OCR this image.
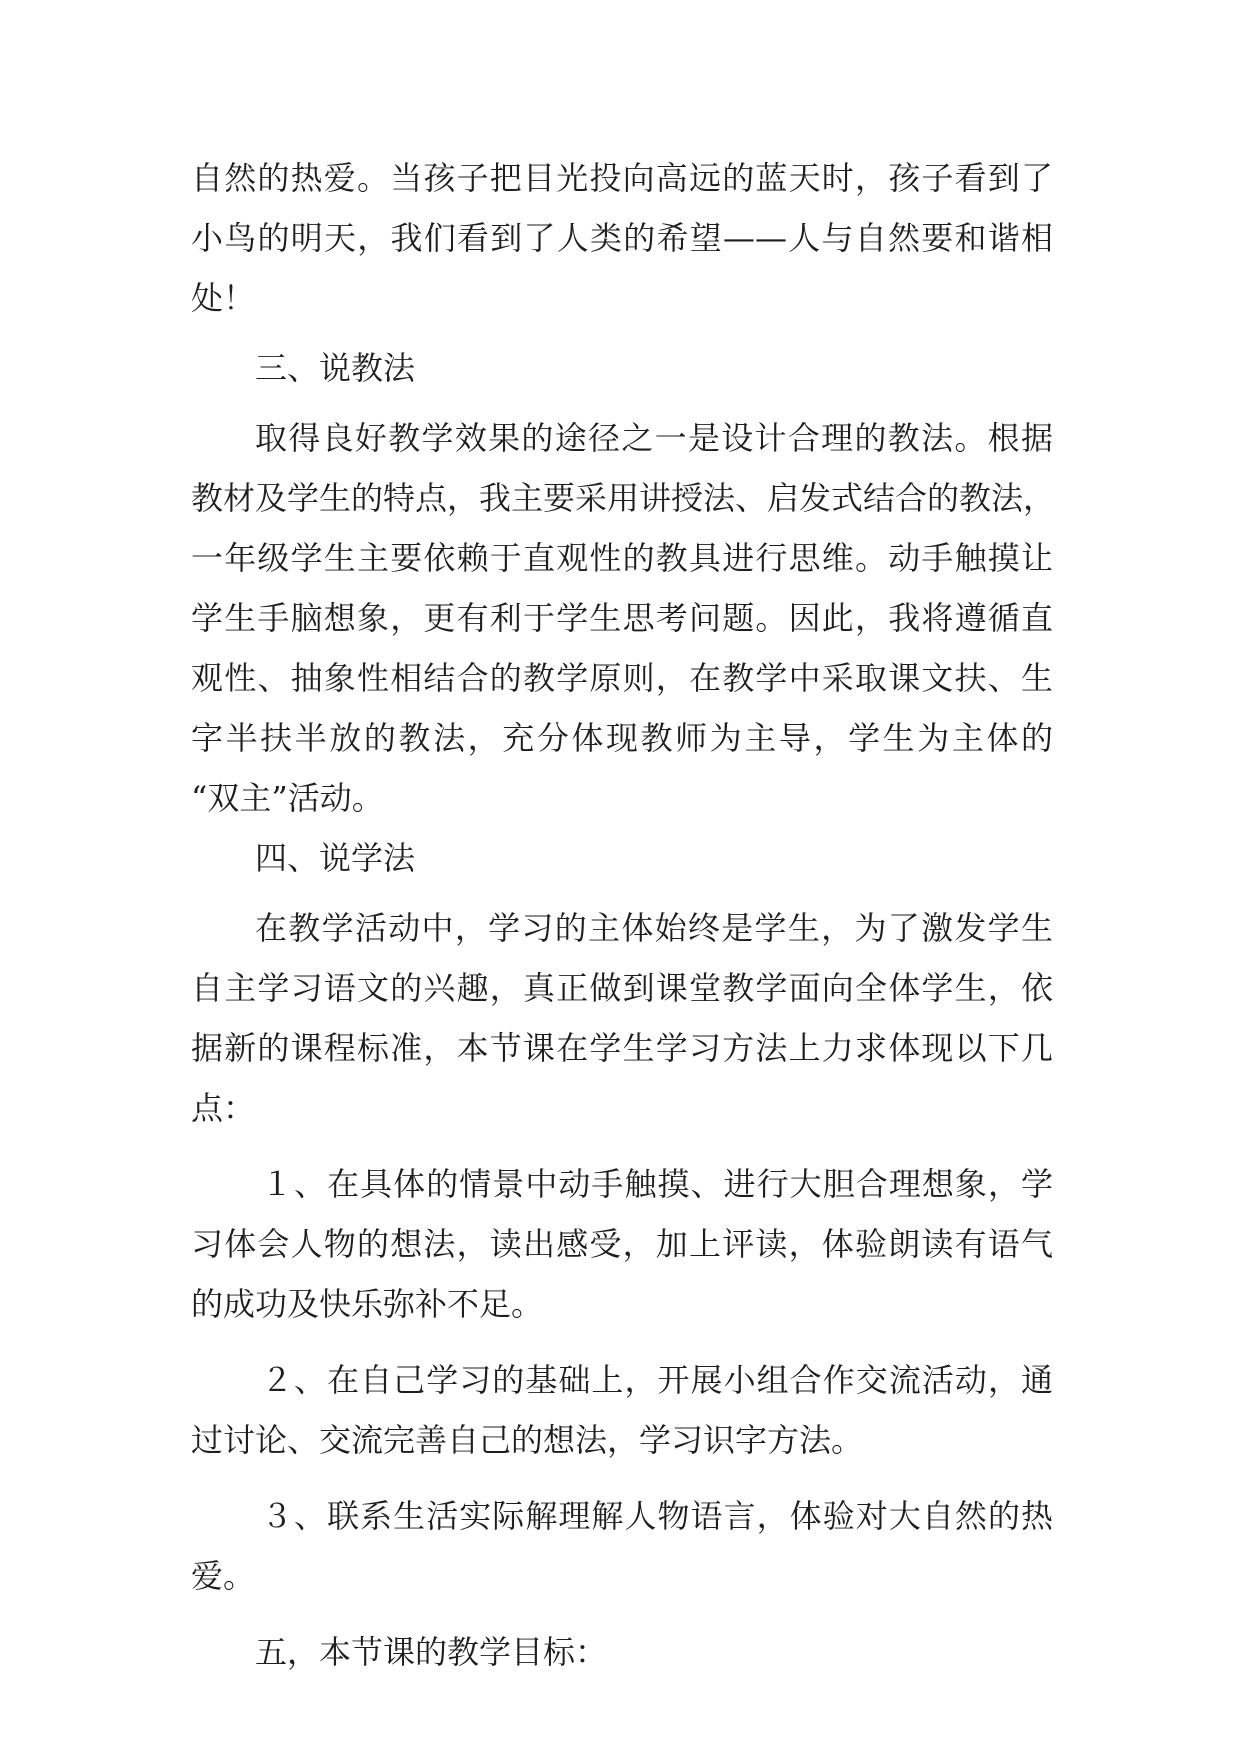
自然的热爱。当孩子把目光投向高远的蓝天时，孩子看到了
小鸟的明天，我们看到了人类的希望——人与自然要和谐相
处！
三、说教法
取得良好教学效果的途径之一是设计合理的教法。根据
教材及学生的特点，我主要采用讲授法、启发式结合的教法，
一年级学生主要依赖于直观性的教具进行思维。动手触摸让
学生手脑想象，更有利于学生思考问题。因此，我将遵循直
观性、抽象性相结合的教学原则，在教学中采取课文扶、生
字半扶半放的教法，充分体现教师为主导，学生为主体的
“双主”活动。
四、说学法
在教学活动中，学习的主体始终是学生，为了激发学生
自主学习语文的兴趣，真正做到课堂教学面向全体学生，依
据新的课程标准，本节课在学生学习方法上力求体现以下几
点：
１、在具体的情景中动手触摸、进行大胆合理想象，学
习体会人物的想法，读出感受，加上评读，体验朗读有语气
的成功及快乐弥补不足。
２、在自己学习的基础上，开展小组合作交流活动，通
过讨论、交流完善自己的想法，学习识字方法。
３、联系生活实际解理解人物语言，体验对大自然的热
爱。
五，本节课的教学目标：
